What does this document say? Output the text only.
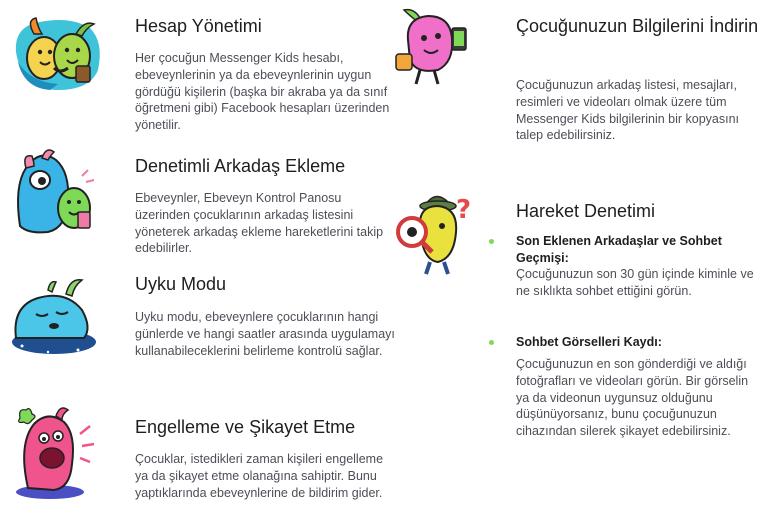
Hesap Yönetimi

Her çocuğun Messenger Kids hesabı, ebeveynlerinin ya da ebeveynlerinin uygun gördüğü kişilerin (başka bir akraba ya da sınıf öğretmeni gibi) Facebook hesapları üzerinden yönetilir.

Denetimli Arkadaş Ekleme

Ebeveynler, Ebeveyn Kontrol Panosu üzerinden çocuklarının arkadaş listesini yöneterek arkadaş ekleme hareketlerini takip edebilirler.

Uyku Modu

Uyku modu, ebeveynlere çocuklarının hangi günlerde ve hangi saatler arasında uygulamayı kullanabileceklerini belirleme kontrolü sağlar.

Engelleme ve Şikayet Etme

Çocuklar, istedikleri zaman kişileri engelleme ya da şikayet etme olanağına sahiptir. Bunu yaptıklarında ebeveynlerine de bildirim gider.

Çocuğunuzun Bilgilerini İndirin

Çocuğunuzun arkadaş listesi, mesajları, resimleri ve videoları olmak üzere tüm Messenger Kids bilgilerinin bir kopyasını talep edebilirsiniz.

? Hareket Denetimi

Son Eklenen Arkadaşlar ve Sohbet Geçmişi:

Çocuğunuzun son 30 gün içinde kiminle ve ne sıklıkta sohbet ettiğini görün.

Sohbet Görselleri Kaydı:

Çocuğunuzun en son gönderdiği ve aldığı fotoğrafları ve videoları görün. Bir görselin ya da videonun uygunsuz olduğunu düşünüyorsanız, bunu çocuğunuzun cihazından silerek şikayet edebilirsiniz.
